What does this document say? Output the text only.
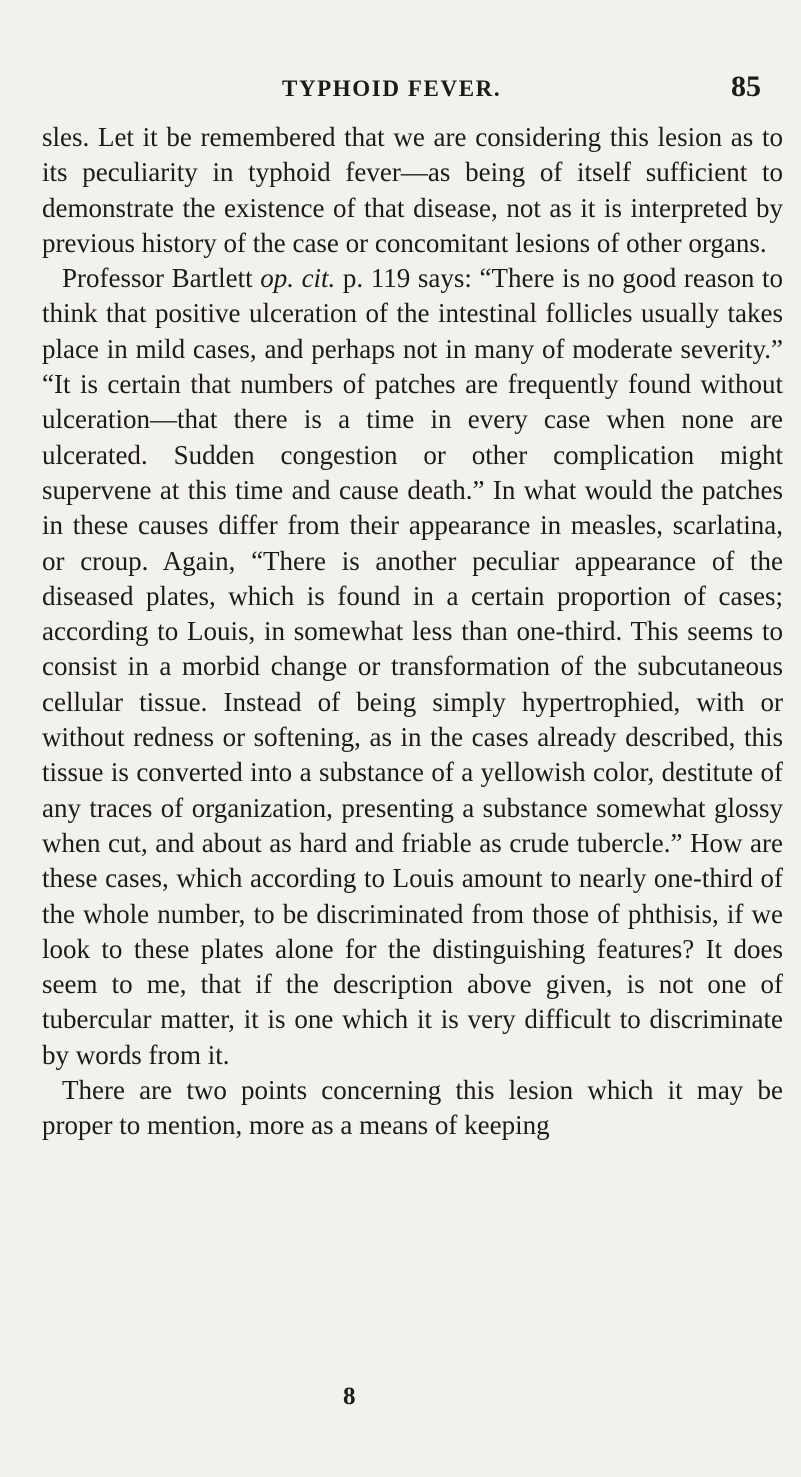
TYPHOID FEVER.	85

sles. Let it be remembered that we are considering this lesion as to its peculiarity in typhoid fever—as being of itself sufficient to demonstrate the existence of that disease, not as it is interpreted by previous history of the case or concomitant lesions of other organs.

Professor Bartlett op. cit. p. 119 says: “There is no good reason to think that positive ulceration of the intestinal follicles usually takes place in mild cases, and perhaps not in many of moderate severity.” “It is certain that numbers of patches are frequently found without ulceration—that there is a time in every case when none are ulcerated. Sudden congestion or other complication might supervene at this time and cause death.” In what would the patches in these causes differ from their appearance in measles, scarlatina, or croup. Again, “There is another peculiar appearance of the diseased plates, which is found in a certain proportion of cases; according to Louis, in somewhat less than one-third. This seems to consist in a morbid change or transformation of the subcutaneous cellular tissue. Instead of being simply hypertrophied, with or without redness or softening, as in the cases already described, this tissue is converted into a substance of a yellowish color, destitute of any traces of organization, presenting a substance somewhat glossy when cut, and about as hard and friable as crude tubercle.” How are these cases, which according to Louis amount to nearly one-third of the whole number, to be discriminated from those of phthisis, if we look to these plates alone for the distinguishing features? It does seem to me, that if the description above given, is not one of tubercular matter, it is one which it is very difficult to discriminate by words from it.

There are two points concerning this lesion which it may be proper to mention, more as a means of keeping

8
